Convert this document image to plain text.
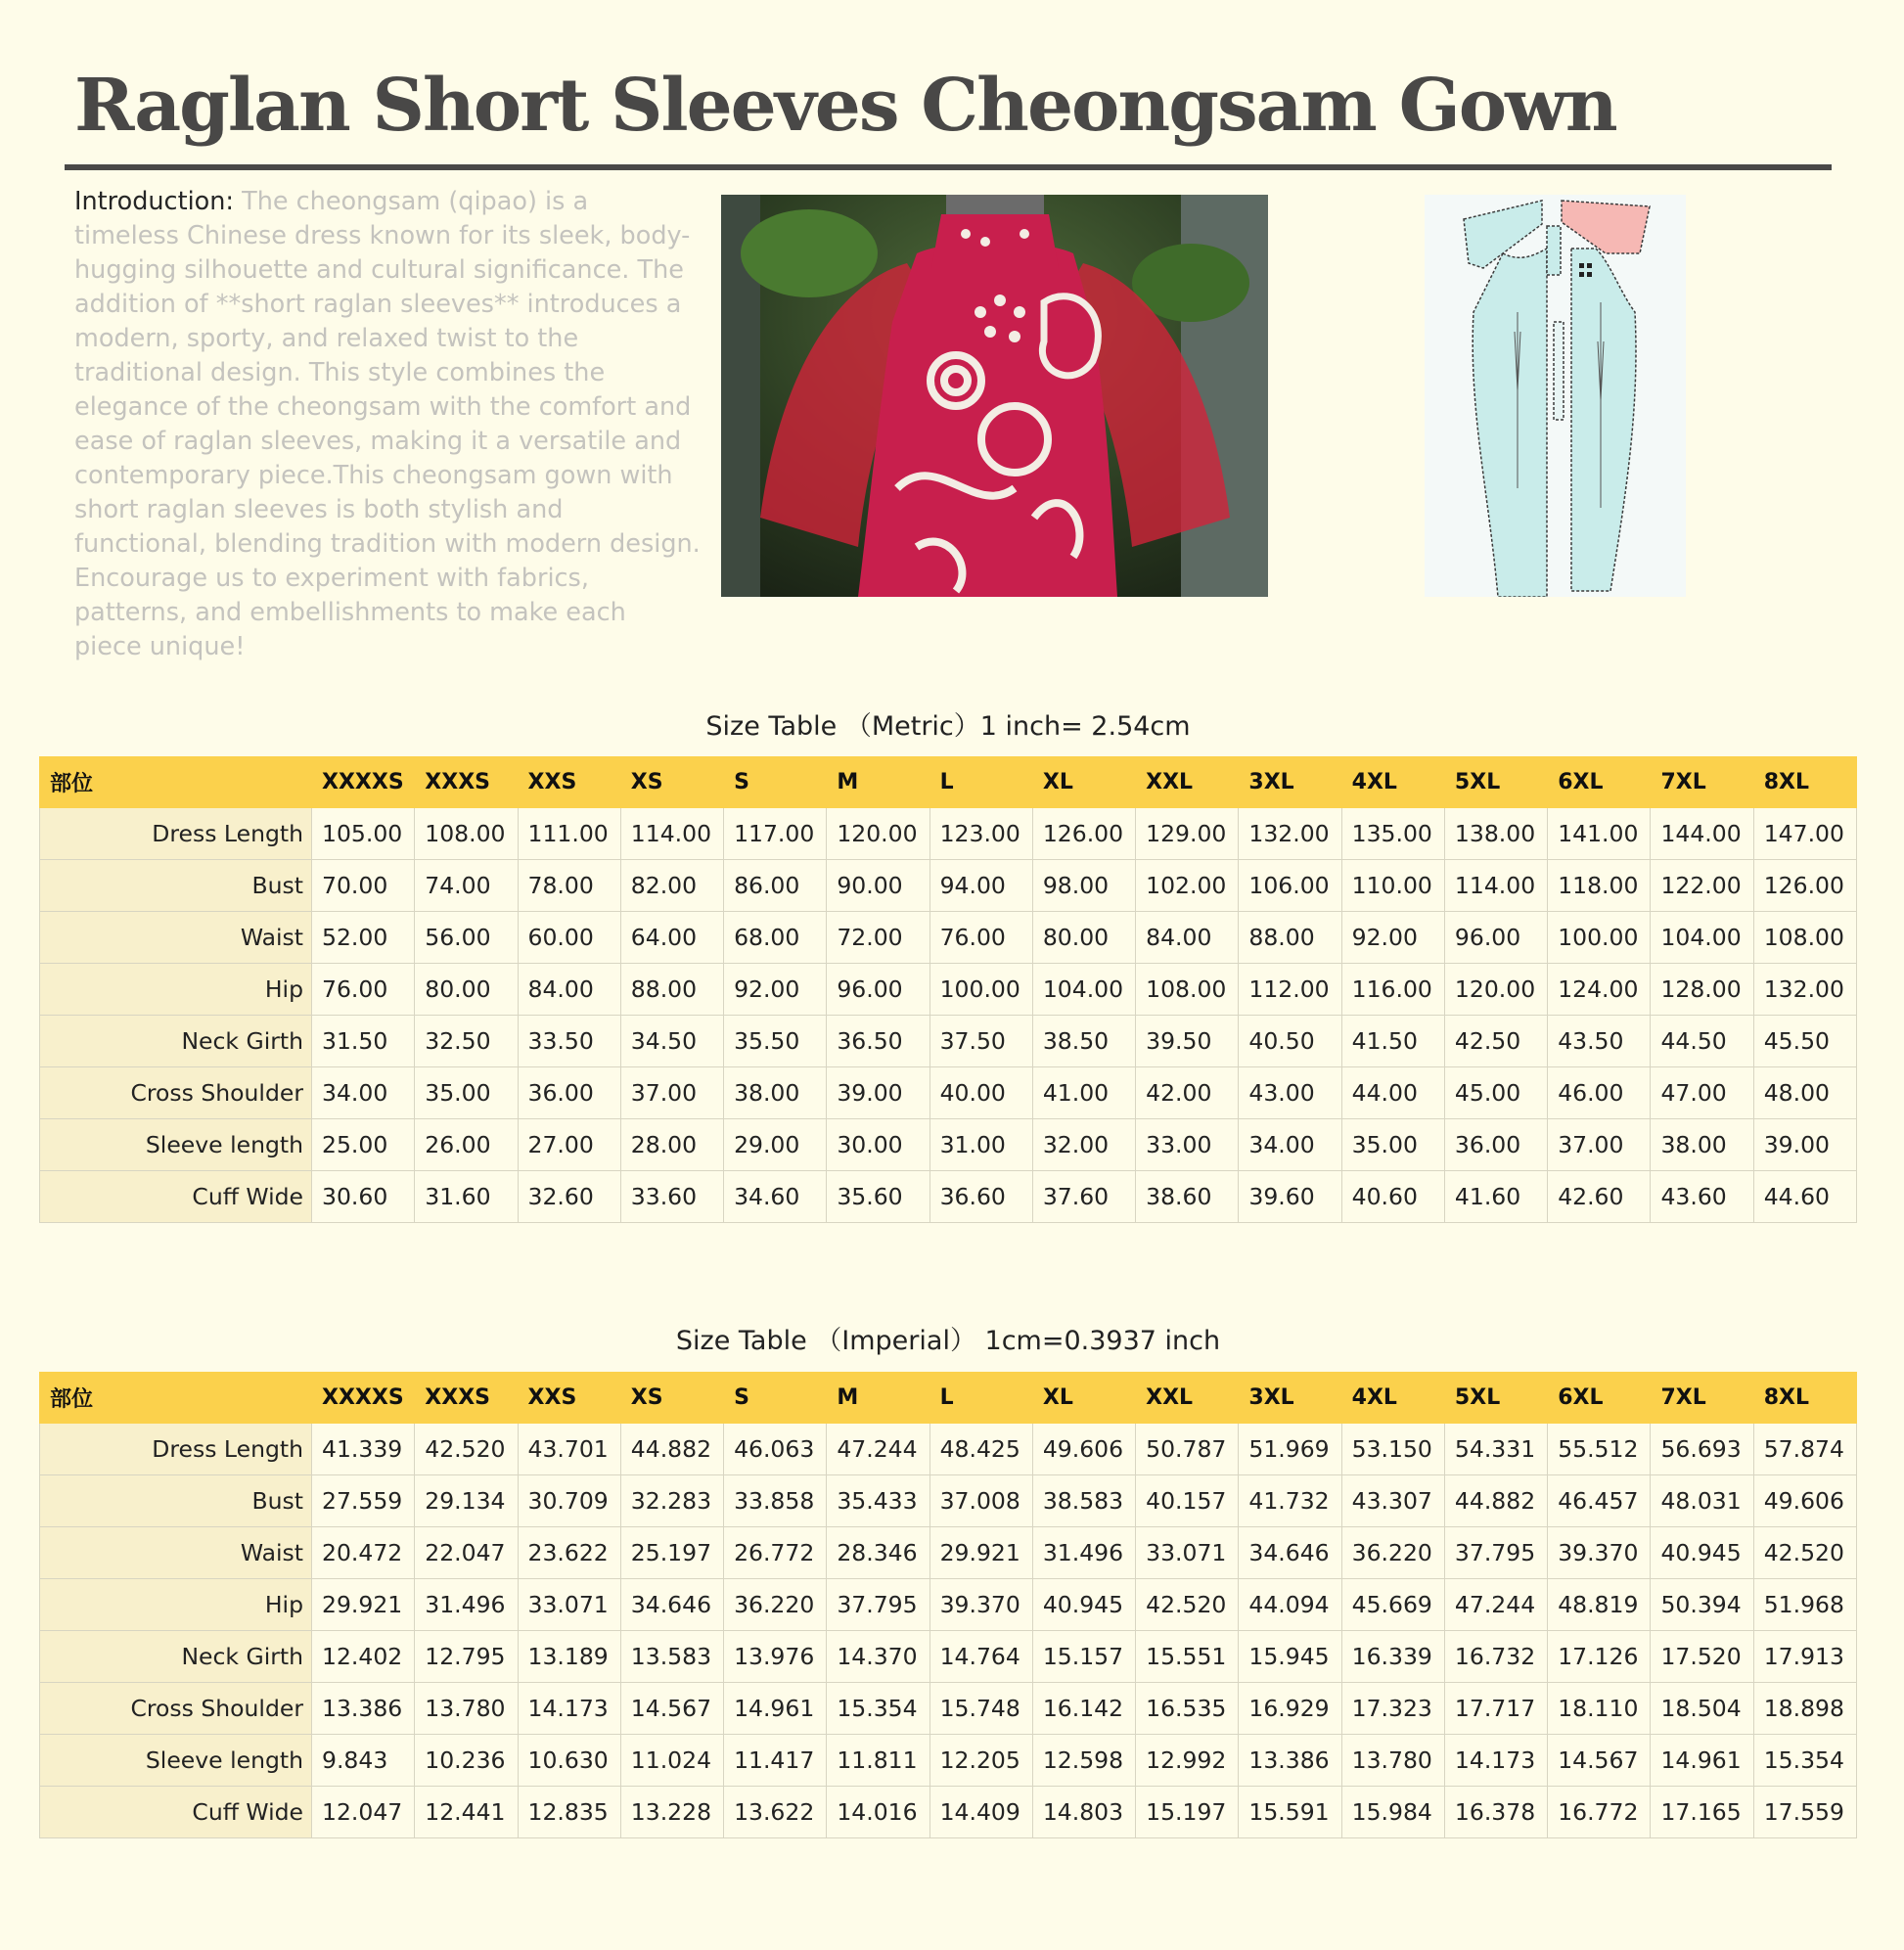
Raglan Short Sleeves Cheongsam Gown
Introduction: The cheongsam (qipao) is a timeless Chinese dress known for its sleek, body-hugging silhouette and cultural significance. The addition of **short raglan sleeves** introduces a modern, sporty, and relaxed twist to the traditional design. This style combines the elegance of the cheongsam with the comfort and ease of raglan sleeves, making it a versatile and contemporary piece.This cheongsam gown with short raglan sleeves is both stylish and functional, blending tradition with modern design. Encourage us to experiment with fabrics, patterns, and embellishments to make each piece unique!
Size Table （Metric）1 inch= 2.54cm
部位	XXXXS	XXXS	XXS	XS	S	M	L	XL	XXL	3XL	4XL	5XL	6XL	7XL	8XL
Dress Length	105.00	108.00	111.00	114.00	117.00	120.00	123.00	126.00	129.00	132.00	135.00	138.00	141.00	144.00	147.00
Bust	70.00	74.00	78.00	82.00	86.00	90.00	94.00	98.00	102.00	106.00	110.00	114.00	118.00	122.00	126.00
Waist	52.00	56.00	60.00	64.00	68.00	72.00	76.00	80.00	84.00	88.00	92.00	96.00	100.00	104.00	108.00
Hip	76.00	80.00	84.00	88.00	92.00	96.00	100.00	104.00	108.00	112.00	116.00	120.00	124.00	128.00	132.00
Neck Girth	31.50	32.50	33.50	34.50	35.50	36.50	37.50	38.50	39.50	40.50	41.50	42.50	43.50	44.50	45.50
Cross Shoulder	34.00	35.00	36.00	37.00	38.00	39.00	40.00	41.00	42.00	43.00	44.00	45.00	46.00	47.00	48.00
Sleeve length	25.00	26.00	27.00	28.00	29.00	30.00	31.00	32.00	33.00	34.00	35.00	36.00	37.00	38.00	39.00
Cuff Wide	30.60	31.60	32.60	33.60	34.60	35.60	36.60	37.60	38.60	39.60	40.60	41.60	42.60	43.60	44.60
Size Table （Imperial） 1cm=0.3937 inch
部位	XXXXS	XXXS	XXS	XS	S	M	L	XL	XXL	3XL	4XL	5XL	6XL	7XL	8XL
Dress Length	41.339	42.520	43.701	44.882	46.063	47.244	48.425	49.606	50.787	51.969	53.150	54.331	55.512	56.693	57.874
Bust	27.559	29.134	30.709	32.283	33.858	35.433	37.008	38.583	40.157	41.732	43.307	44.882	46.457	48.031	49.606
Waist	20.472	22.047	23.622	25.197	26.772	28.346	29.921	31.496	33.071	34.646	36.220	37.795	39.370	40.945	42.520
Hip	29.921	31.496	33.071	34.646	36.220	37.795	39.370	40.945	42.520	44.094	45.669	47.244	48.819	50.394	51.968
Neck Girth	12.402	12.795	13.189	13.583	13.976	14.370	14.764	15.157	15.551	15.945	16.339	16.732	17.126	17.520	17.913
Cross Shoulder	13.386	13.780	14.173	14.567	14.961	15.354	15.748	16.142	16.535	16.929	17.323	17.717	18.110	18.504	18.898
Sleeve length	9.843	10.236	10.630	11.024	11.417	11.811	12.205	12.598	12.992	13.386	13.780	14.173	14.567	14.961	15.354
Cuff Wide	12.047	12.441	12.835	13.228	13.622	14.016	14.409	14.803	15.197	15.591	15.984	16.378	16.772	17.165	17.559
